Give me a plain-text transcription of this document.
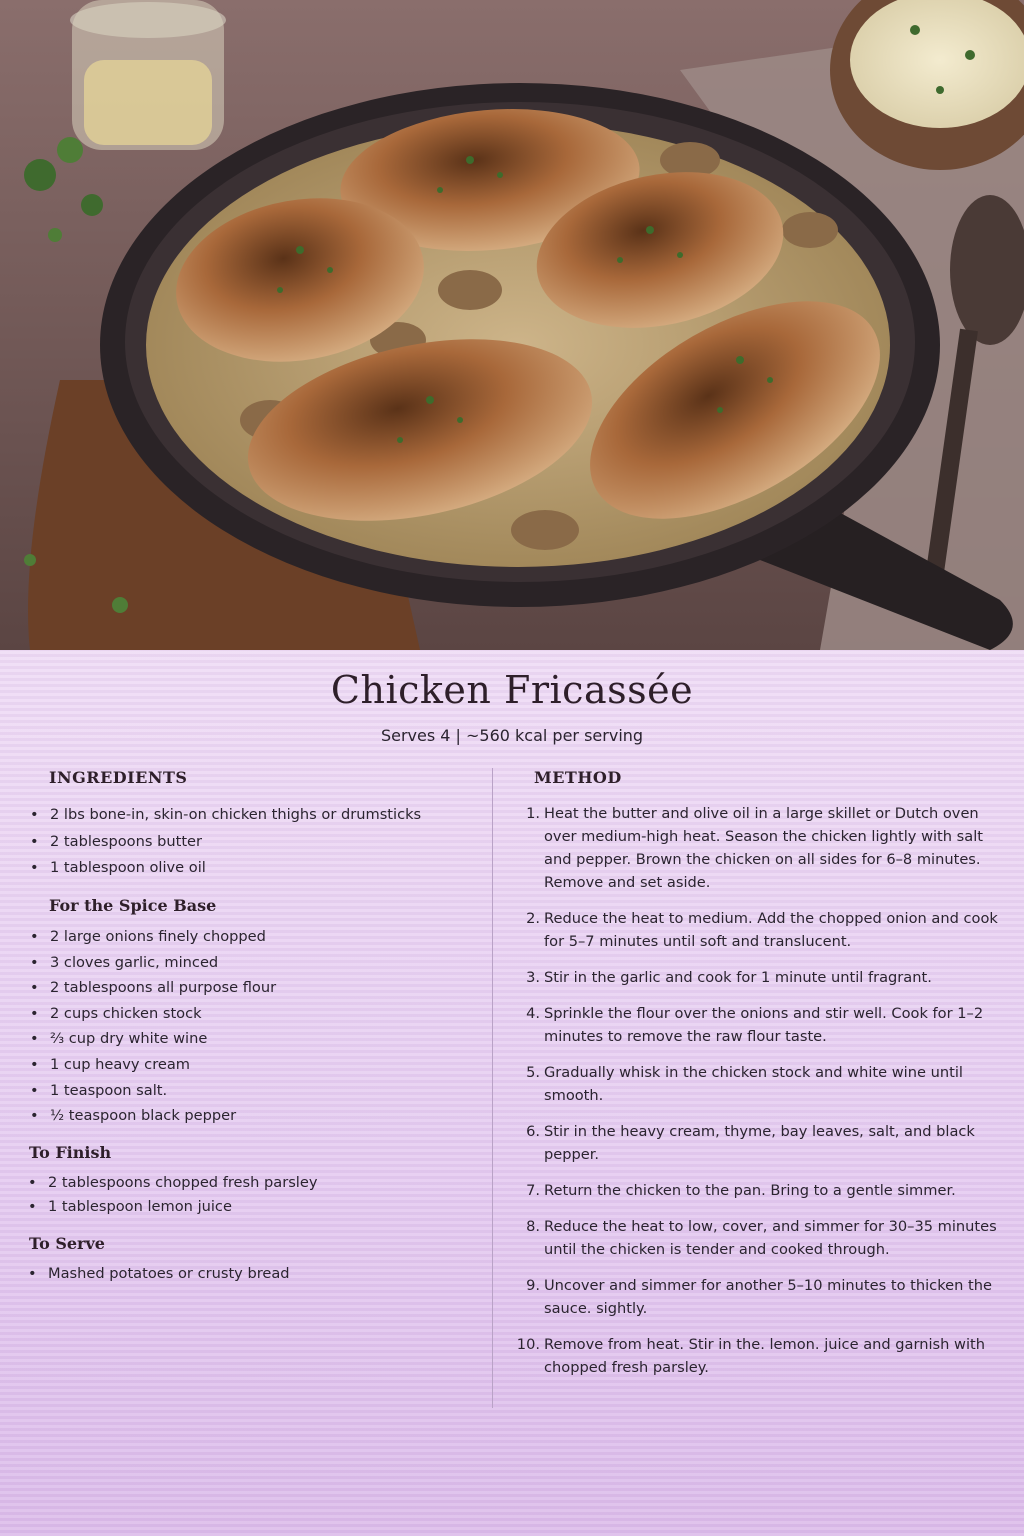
Chicken Fricassée
Serves 4 | ~560 kcal per serving
INGREDIENTS
• 2 lbs bone-in, skin-on chicken thighs or drumsticks
• 2 tablespoons butter
• 1 tablespoon olive oil
For the Spice Base
• 2 large onions finely chopped
• 3 cloves garlic, minced
• 2 tablespoons all purpose flour
• 2 cups chicken stock
• ⅔ cup dry white wine
• 1 cup heavy cream
• 1 teaspoon salt.
• ½ teaspoon black pepper
To Finish
• 2 tablespoons chopped fresh parsley
• 1 tablespoon lemon juice
To Serve
• Mashed potatoes or crusty bread
METHOD
1. Heat the butter and olive oil in a large skillet or Dutch oven over medium-high heat. Season the chicken lightly with salt and pepper. Brown the chicken on all sides for 6–8 minutes. Remove and set aside.
2. Reduce the heat to medium. Add the chopped onion and cook for 5–7 minutes until soft and translucent.
3. Stir in the garlic and cook for 1 minute until fragrant.
4. Sprinkle the flour over the onions and stir well. Cook for 1–2 minutes to remove the raw flour taste.
5. Gradually whisk in the chicken stock and white wine until smooth.
6. Stir in the heavy cream, thyme, bay leaves, salt, and black pepper.
7. Return the chicken to the pan. Bring to a gentle simmer.
8. Reduce the heat to low, cover, and simmer for 30–35 minutes until the chicken is tender and cooked through.
9. Uncover and simmer for another 5–10 minutes to thicken the sauce. sightly.
10. Remove from heat. Stir in the. lemon. juice and garnish with chopped fresh parsley.
